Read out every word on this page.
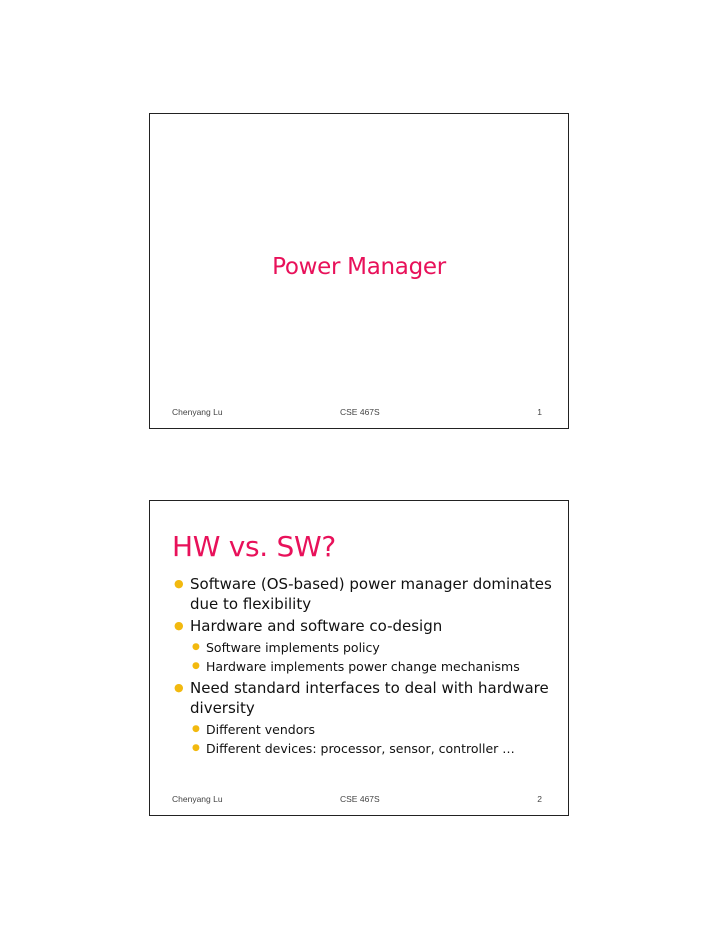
Power Manager
Chenyang Lu	CSE 467S	1
HW vs. SW?
● Software (OS-based) power manager dominates due to flexibility
● Hardware and software co-design
● Software implements policy
● Hardware implements power change mechanisms
● Need standard interfaces to deal with hardware diversity
● Different vendors
● Different devices: processor, sensor, controller …
Chenyang Lu	CSE 467S	2
